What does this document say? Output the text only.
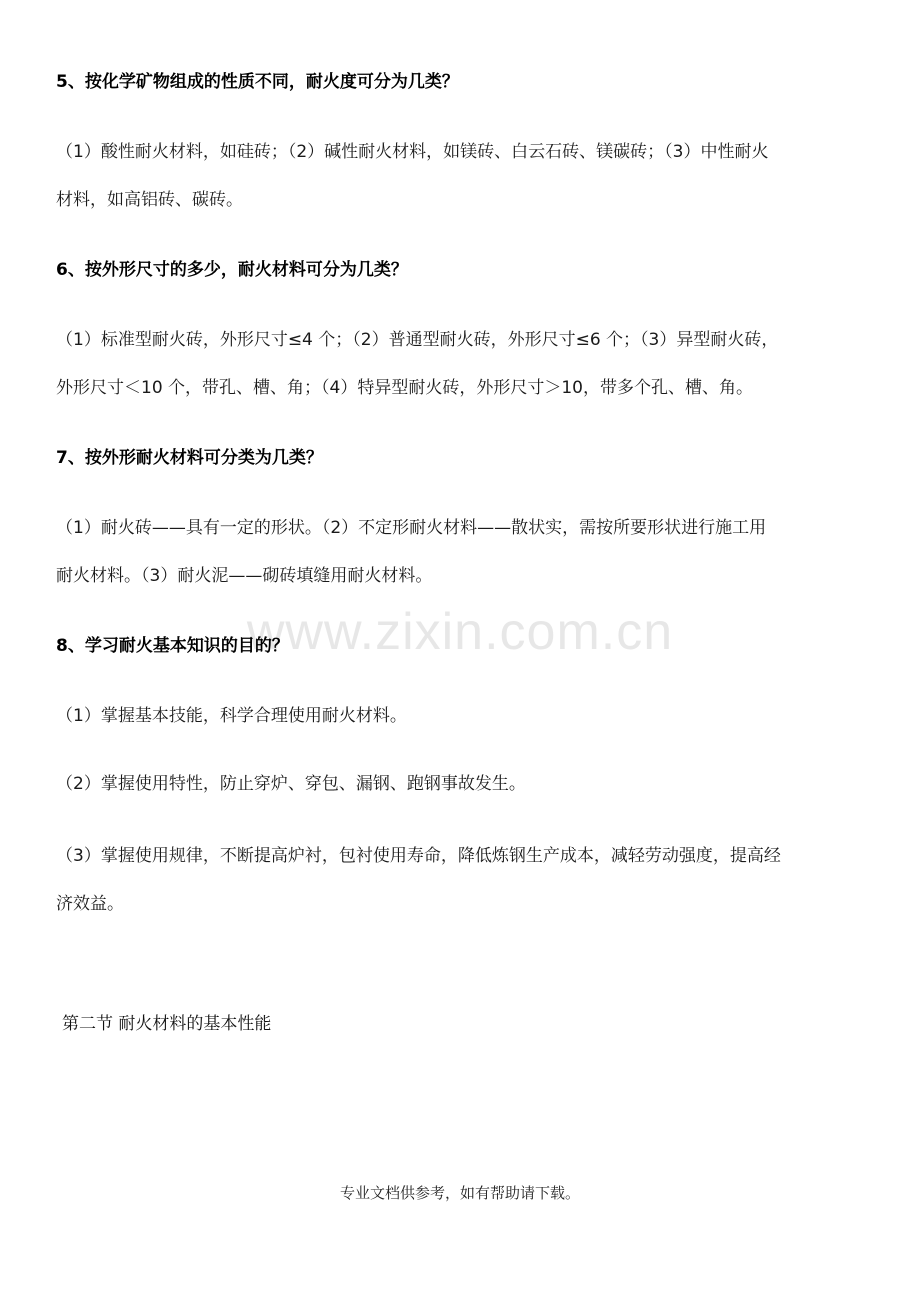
www.zixin.com.cn
5、按化学矿物组成的性质不同，耐火度可分为几类？

（1）酸性耐火材料，如硅砖；（2）碱性耐火材料，如镁砖、白云石砖、镁碳砖；（3）中性耐火

材料，如高铝砖、碳砖。

6、按外形尺寸的多少，耐火材料可分为几类？

（1）标准型耐火砖，外形尺寸≤4 个；（2）普通型耐火砖，外形尺寸≤6 个；（3）异型耐火砖，

外形尺寸＜10 个，带孔、槽、角；（4）特异型耐火砖，外形尺寸＞10，带多个孔、槽、角。

7、按外形耐火材料可分类为几类？

（1）耐火砖——具有一定的形状。（2）不定形耐火材料——散状实，需按所要形状进行施工用

耐火材料。（3）耐火泥——砌砖填缝用耐火材料。

8、学习耐火基本知识的目的？

（1）掌握基本技能，科学合理使用耐火材料。

（2）掌握使用特性，防止穿炉、穿包、漏钢、跑钢事故发生。

（3）掌握使用规律，不断提高炉衬，包衬使用寿命，降低炼钢生产成本，减轻劳动强度，提高经

济效益。

第二节 耐火材料的基本性能
专业文档供参考，如有帮助请下载。
